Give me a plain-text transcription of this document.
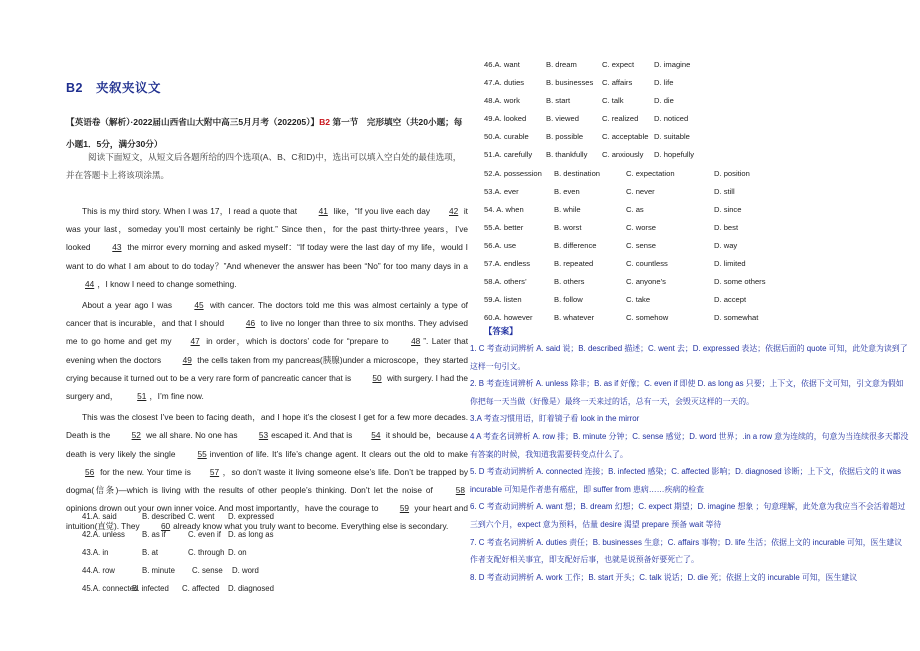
B2　夹叙夹议文
【英语卷（解析）·2022届山西省山大附中高三5月月考（202205）】B2 第一节　完形填空（共20小题；每小题1．5分，满分30分）
阅读下面短文，从短文后各题所给的四个选项(A、B、C和D)中，选出可以填入空白处的最佳选项，并在答题卡上将该项涂黑。

This is my third story. When I was 17，I read a quote that 41 like，“If you live each day 42 it was your last，someday you’ll most certainly be right.” Since then，for the past thirty-three years，I’ve looked 43 the mirror every morning and asked myself：“If today were the last day of my life，would I want to do what I am about to do today？”And whenever the answer has been “No” for too many days in a 44 ，I know I need to change something.

About a year ago I was 45 with cancer. The doctors told me this was almost certainly a type of cancer that is incurable，and that I should 46 to live no longer than three to six months. They advised me to go home and get my 47 in order，which is doctors’ code for “prepare to 48 ”. Later that evening when the doctors 49 the cells taken from my pancreas(胰腺)under a microscope，they started crying because it turned out to be a very rare form of pancreatic cancer that is 50 with surgery. I had the surgery and， 51 ，I’m fine now.

This was the closest I’ve been to facing death，and I hope it’s the closest I get for a few more decades. Death is the 52 we all share. No one has 53 escaped it. And that is 54 it should be，because death is very likely the single 55 invention of life. It’s life’s change agent. It clears out the old to make 56 for the new. Your time is 57 ，so don’t waste it living someone else’s life. Don’t be trapped by dogma(信条)—which is living with the results of other people’s thinking. Don’t let the noise of 58 opinions drown out your own inner voice. And most importantly，have the courage to 59 your heart and intuition(直觉). They 60 already know what you truly want to become. Everything else is secondary.

41.A. said	B. described C. went D. expressed
42.A. unless B. as if	C. even if D. as long as
43.A. in	B. at	C. through D. on
44.A. row	B. minute C. sense D. word
45.A. connected
B. infected C. affected D. diagnosed
46.A. want	B. dream	C. expect	D. imagine
47.A. duties	B. businesses C. affairs	D. life
48.A. work	B. start	C. talk	D. die
49.A. looked	B. viewed	C. realized D. noticed
50.A. curable B. possible C. acceptable D. suitable
51.A. carefully B. thankfully C. anxiously D. hopefully
52.A. possession B. destination	C. expectation	D. position
53.A. ever	B. even	C. never	D. still
54. A. when	B. while	C. as	D. since
55.A. better	B. worst	C. worse	D. best
56.A. use	B. difference	C. sense	D. way
57.A. endless	B. repeated	C. countless	D. limited
58.A. others’	B. others	C. anyone’s	D. some others
59.A. listen	B. follow	C. take	D. accept
60.A. however	B. whatever	C. somehow	D. somewhat
【答案】

1. C 考查动词辨析 A. said 说；B. described 描述；C. went 去；D. expressed 表达；依据后面的 quote 可知，此处意为读到了这样一句引文。

2. B 考查连词辨析 A. unless 除非；B. as if 好像；C. even if 即使 D. as long as 只要；上下文，依据下文可知，引文意为假如你把每一天当做（好像是）最终一天来过的话，总有一天，会毁灭这样的一天的。

3.A 考查习惯用语，盯着镜子看 look in the mirror

4 A 考查名词辨析 A. row 排；B. minute 分钟；C. sense 感觉；D. word 世界；.in a row 意为连续的，句意为当连续很多天都没有答案的时候，我知道我需要转变点什么了。

5. D 考查动词辨析 A. connected 连接；B. infected 感染；C. affected 影响；D. diagnosed 诊断；上下文，依据后文的 it was incurable 可知是作者患有癌症，即 suffer from 患病……疾病的检查

6. C 考查动词辨析 A. want 想；B. dream 幻想；C. expect 期望；D. imagine 想象 ；句意理解，此处意为我应当不会活着超过三到六个月，expect 意为预料，估量 desire 渴望 prepare 预备 wait 等待

7. C 考查名词辨析 A. duties 责任；B. businesses 生意；C. affairs 事物；D. life 生活；依据上文的 incurable 可知，医生建议作者支配好相关事宜，即支配好后事，也就是说预备好要死亡了。

8. D 考查动词辨析 A. work 工作；B. start 开头；C. talk 说话；D. die 死；依据上文的 incurable 可知，医生建议
